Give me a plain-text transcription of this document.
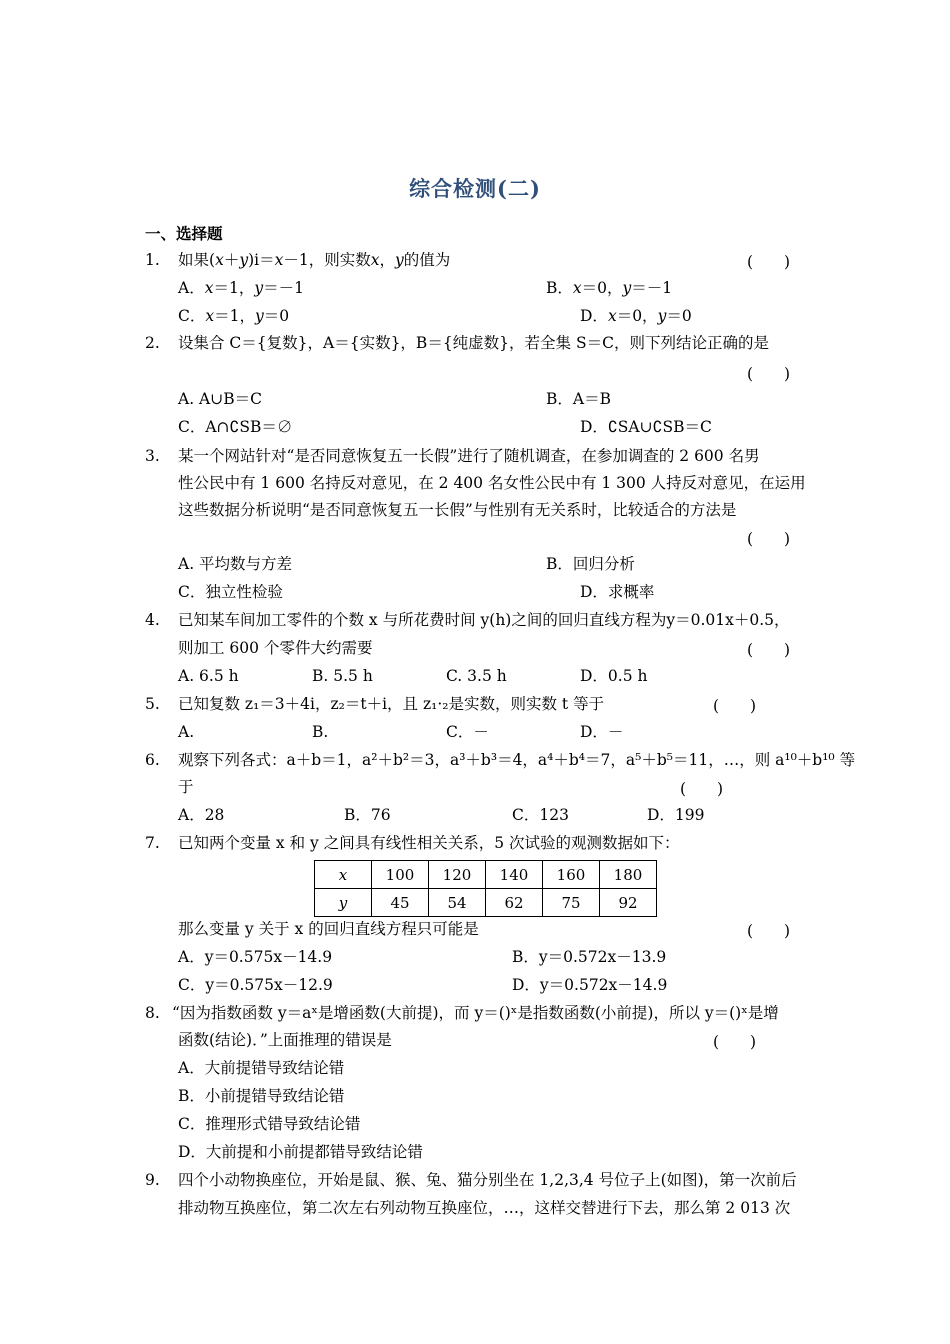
综合检测(二)
一、选择题
1. 如果(x＋y)i＝x－1，则实数x，y的值为	(　　)
A．x＝1，y＝－1	B．x＝0，y＝－1
C．x＝1，y＝0	D．x＝0，y＝0
2. 设集合 C＝{复数}，A＝{实数}，B＝{纯虚数}，若全集 S＝C，则下列结论正确的是
(　　)
A. A∪B＝C	B．A＝B
C．A∩∁SB＝∅	D．∁SA∪∁SB＝C
3. 某一个网站针对“是否同意恢复五一长假”进行了随机调查，在参加调查的 2 600 名男
性公民中有 1 600 名持反对意见，在 2 400 名女性公民中有 1 300 人持反对意见，在运用
这些数据分析说明“是否同意恢复五一长假”与性别有无关系时，比较适合的方法是
(　　)
A. 平均数与方差	B．回归分析
C．独立性检验	D．求概率
4. 已知某车间加工零件的个数 x 与所花费时间 y(h)之间的回归直线方程为y＝0.01x＋0.5，
则加工 600 个零件大约需要	(　　)
A. 6.5 h	B. 5.5 h	C. 3.5 h	D．0.5 h
5. 已知复数 z₁＝3＋4i，z₂＝t＋i，且 z₁·₂是实数，则实数 t 等于	(　　)
A.	B.	C．－	D．－
6. 观察下列各式：a＋b＝1，a²＋b²＝3，a³＋b³＝4，a⁴＋b⁴＝7，a⁵＋b⁵＝11，…，则 a¹⁰＋b¹⁰ 等
于	(　　)
A．28	B．76	C．123	D．199
7. 已知两个变量 x 和 y 之间具有线性相关关系，5 次试验的观测数据如下：
x	100	120	140	160	180
y	45	54	62	75	92
那么变量 y 关于 x 的回归直线方程只可能是	(　　)
A．y＝0.575x－14.9	B．y＝0.572x－13.9
C．y＝0.575x－12.9	D．y＝0.572x－14.9
8. “因为指数函数 y＝aˣ是增函数(大前提)，而 y＝()ˣ是指数函数(小前提)，所以 y＝()ˣ是增
函数(结论)．”上面推理的错误是	(　　)
A．大前提错导致结论错
B．小前提错导致结论错
C．推理形式错导致结论错
D．大前提和小前提都错导致结论错
9. 四个小动物换座位，开始是鼠、猴、兔、猫分别坐在 1,2,3,4 号位子上(如图)，第一次前后
排动物互换座位，第二次左右列动物互换座位，…，这样交替进行下去，那么第 2 013 次
